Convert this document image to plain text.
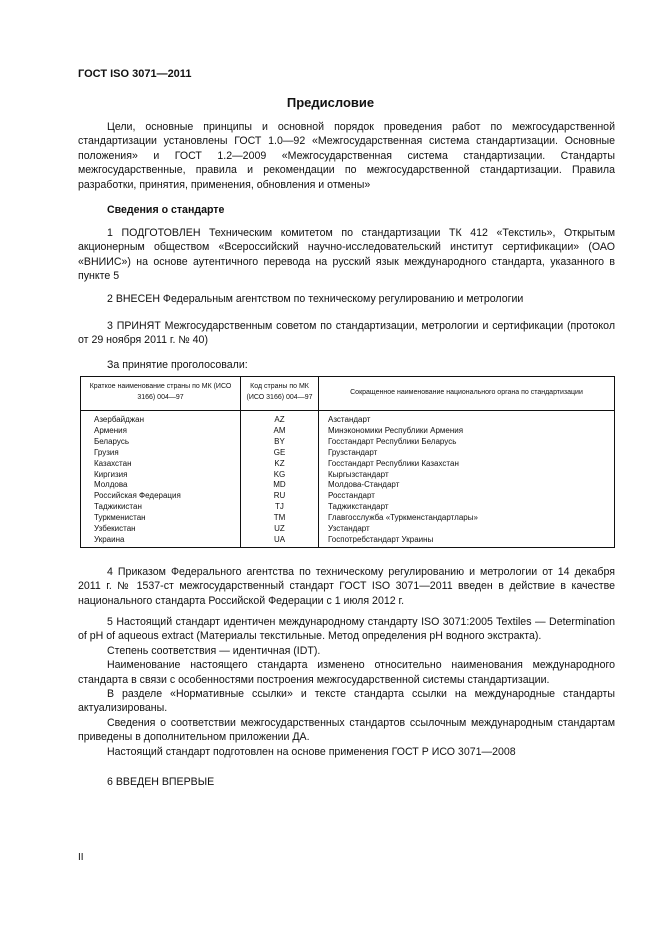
ГОСТ ISO 3071—2011
Предисловие
Цели, основные принципы и основной порядок проведения работ по межгосударственной стандартизации установлены ГОСТ 1.0—92 «Межгосударственная система стандартизации. Основные положения» и ГОСТ 1.2—2009 «Межгосударственная система стандартизации. Стандарты межгосударственные, правила и рекомендации по межгосударственной стандартизации. Правила разработки, принятия, применения, обновления и отмены»
Сведения о стандарте
1 ПОДГОТОВЛЕН Техническим комитетом по стандартизации ТК 412 «Текстиль», Открытым акционерным обществом «Всероссийский научно-исследовательский институт сертификации» (ОАО «ВНИИС») на основе аутентичного перевода на русский язык международного стандарта, указанного в пункте 5
2 ВНЕСЕН Федеральным агентством по техническому регулированию и метрологии
3 ПРИНЯТ Межгосударственным советом по стандартизации, метрологии и сертификации (протокол от 29 ноября 2011 г. № 40)
За принятие проголосовали:
Краткое наименование страны по МК (ИСО 3166) 004—97	Код страны по МК (ИСО 3166) 004—97	Сокращенное наименование национального органа по стандартизации
Азербайджан	AZ	Азстандарт
Армения	AM	Минэкономики Республики Армения
Беларусь	BY	Госстандарт Республики Беларусь
Грузия	GE	Грузстандарт
Казахстан	KZ	Госстандарт Республики Казахстан
Киргизия	KG	Кыргызстандарт
Молдова	MD	Молдова-Стандарт
Российская Федерация	RU	Росстандарт
Таджикистан	TJ	Таджикстандарт
Туркменистан	TM	Главгосслужба «Туркменстандартлары»
Узбекистан	UZ	Узстандарт
Украина	UA	Госпотребстандарт Украины
4 Приказом Федерального агентства по техническому регулированию и метрологии от 14 декабря 2011 г. № 1537-ст межгосударственный стандарт ГОСТ ISO 3071—2011 введен в действие в качестве национального стандарта Российской Федерации с 1 июля 2012 г.

5 Настоящий стандарт идентичен международному стандарту ISO 3071:2005 Textiles — Determination of pH of aqueous extract (Материалы текстильные. Метод определения pH водного экстракта).

Степень соответствия — идентичная (IDT).

Наименование настоящего стандарта изменено относительно наименования международного стандарта в связи с особенностями построения межгосударственной системы стандартизации.

В разделе «Нормативные ссылки» и тексте стандарта ссылки на международные стандарты актуализированы.

Сведения о соответствии межгосударственных стандартов ссылочным международным стандартам приведены в дополнительном приложении ДА.

Настоящий стандарт подготовлен на основе применения ГОСТ Р ИСО 3071—2008

6 ВВЕДЕН ВПЕРВЫЕ
II
